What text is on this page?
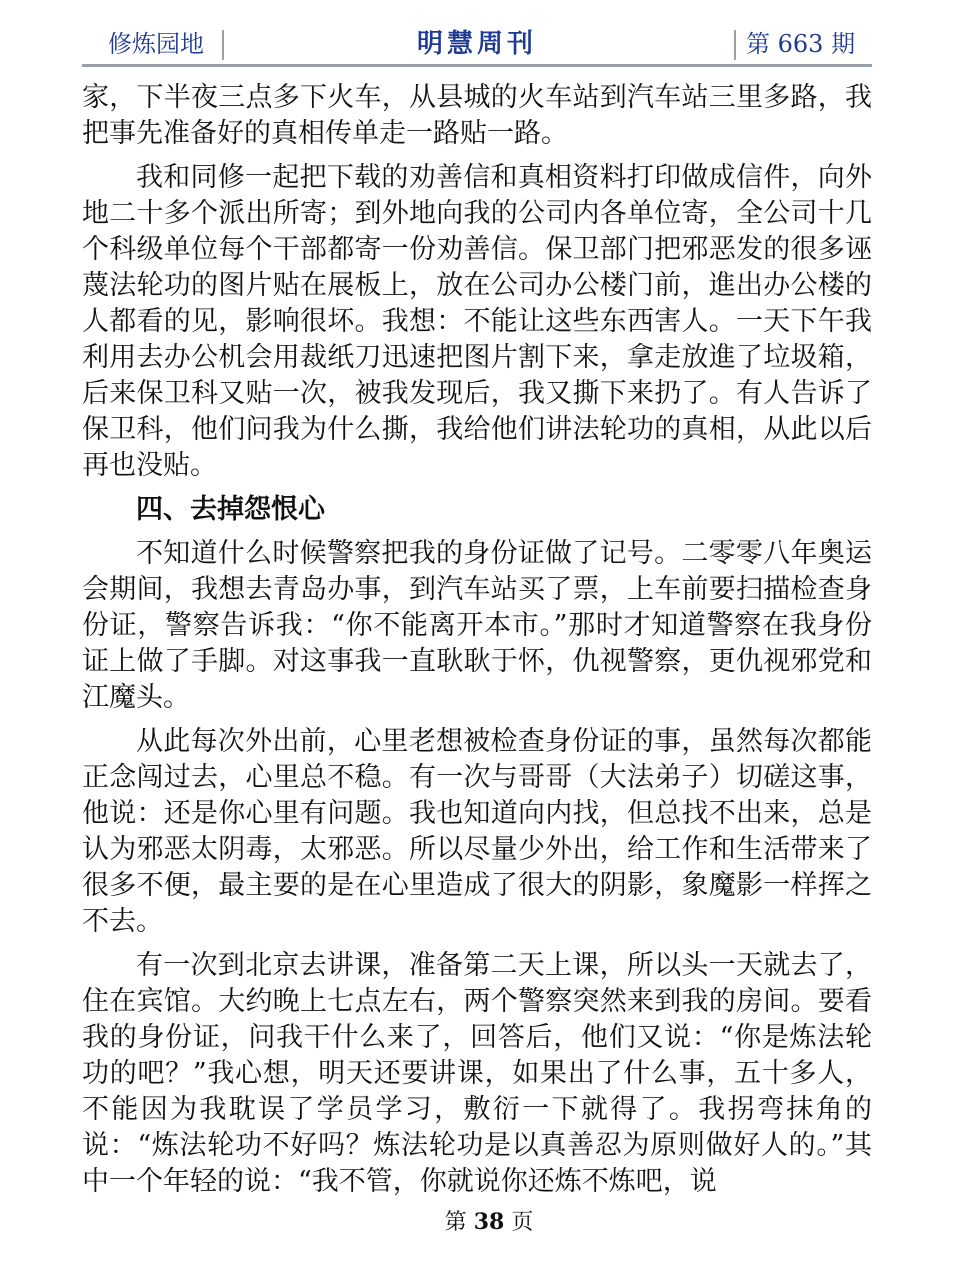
修炼园地	明慧周刊	第 663 期

家，下半夜三点多下火车，从县城的火车站到汽车站三里多路，我把事先准备好的真相传单走一路贴一路。

我和同修一起把下载的劝善信和真相资料打印做成信件，向外地二十多个派出所寄；到外地向我的公司内各单位寄，全公司十几个科级单位每个干部都寄一份劝善信。保卫部门把邪恶发的很多诬蔑法轮功的图片贴在展板上，放在公司办公楼门前，進出办公楼的人都看的见，影响很坏。我想：不能让这些东西害人。一天下午我利用去办公机会用裁纸刀迅速把图片割下来，拿走放進了垃圾箱，后来保卫科又贴一次，被我发现后，我又撕下来扔了。有人告诉了保卫科，他们问我为什么撕，我给他们讲法轮功的真相，从此以后再也没贴。

四、去掉怨恨心

不知道什么时候警察把我的身份证做了记号。二零零八年奥运会期间，我想去青岛办事，到汽车站买了票，上车前要扫描检查身份证，警察告诉我：“你不能离开本市。”那时才知道警察在我身份证上做了手脚。对这事我一直耿耿于怀，仇视警察，更仇视邪党和江魔头。

从此每次外出前，心里老想被检查身份证的事，虽然每次都能正念闯过去，心里总不稳。有一次与哥哥（大法弟子）切磋这事，他说：还是你心里有问题。我也知道向内找，但总找不出来，总是认为邪恶太阴毒，太邪恶。所以尽量少外出，给工作和生活带来了很多不便，最主要的是在心里造成了很大的阴影，象魔影一样挥之不去。

有一次到北京去讲课，准备第二天上课，所以头一天就去了，住在宾馆。大约晚上七点左右，两个警察突然来到我的房间。要看我的身份证，问我干什么来了，回答后，他们又说：“你是炼法轮功的吧？”我心想，明天还要讲课，如果出了什么事，五十多人，不能因为我耽误了学员学习，敷衍一下就得了。我拐弯抹角的说：“炼法轮功不好吗？炼法轮功是以真善忍为原则做好人的。”其中一个年轻的说：“我不管，你就说你还炼不炼吧，说

第 38 页
